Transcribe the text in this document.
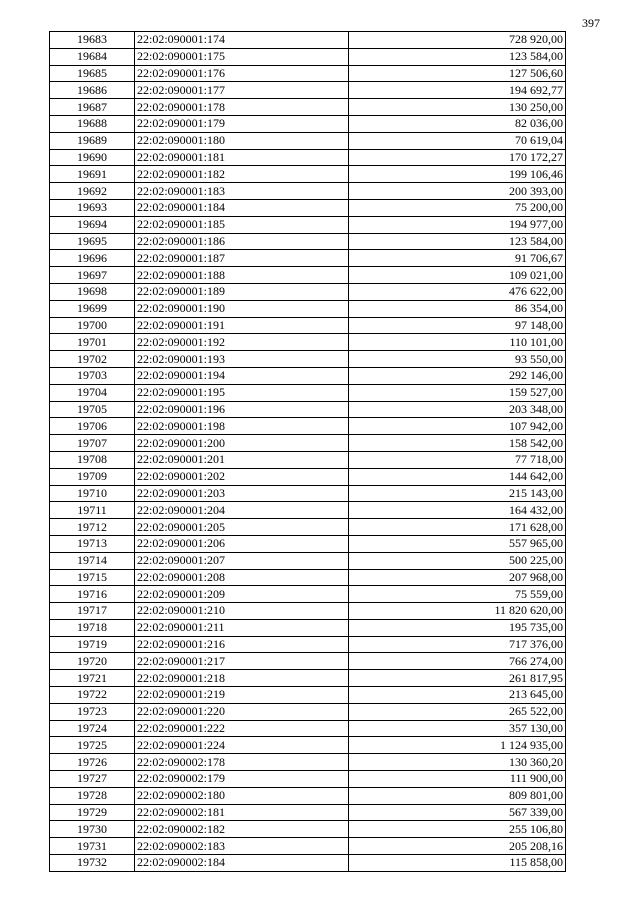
397
19683	22:02:090001:174	728 920,00
19684	22:02:090001:175	123 584,00
19685	22:02:090001:176	127 506,60
19686	22:02:090001:177	194 692,77
19687	22:02:090001:178	130 250,00
19688	22:02:090001:179	82 036,00
19689	22:02:090001:180	70 619,04
19690	22:02:090001:181	170 172,27
19691	22:02:090001:182	199 106,46
19692	22:02:090001:183	200 393,00
19693	22:02:090001:184	75 200,00
19694	22:02:090001:185	194 977,00
19695	22:02:090001:186	123 584,00
19696	22:02:090001:187	91 706,67
19697	22:02:090001:188	109 021,00
19698	22:02:090001:189	476 622,00
19699	22:02:090001:190	86 354,00
19700	22:02:090001:191	97 148,00
19701	22:02:090001:192	110 101,00
19702	22:02:090001:193	93 550,00
19703	22:02:090001:194	292 146,00
19704	22:02:090001:195	159 527,00
19705	22:02:090001:196	203 348,00
19706	22:02:090001:198	107 942,00
19707	22:02:090001:200	158 542,00
19708	22:02:090001:201	77 718,00
19709	22:02:090001:202	144 642,00
19710	22:02:090001:203	215 143,00
19711	22:02:090001:204	164 432,00
19712	22:02:090001:205	171 628,00
19713	22:02:090001:206	557 965,00
19714	22:02:090001:207	500 225,00
19715	22:02:090001:208	207 968,00
19716	22:02:090001:209	75 559,00
19717	22:02:090001:210	11 820 620,00
19718	22:02:090001:211	195 735,00
19719	22:02:090001:216	717 376,00
19720	22:02:090001:217	766 274,00
19721	22:02:090001:218	261 817,95
19722	22:02:090001:219	213 645,00
19723	22:02:090001:220	265 522,00
19724	22:02:090001:222	357 130,00
19725	22:02:090001:224	1 124 935,00
19726	22:02:090002:178	130 360,20
19727	22:02:090002:179	111 900,00
19728	22:02:090002:180	809 801,00
19729	22:02:090002:181	567 339,00
19730	22:02:090002:182	255 106,80
19731	22:02:090002:183	205 208,16
19732	22:02:090002:184	115 858,00
